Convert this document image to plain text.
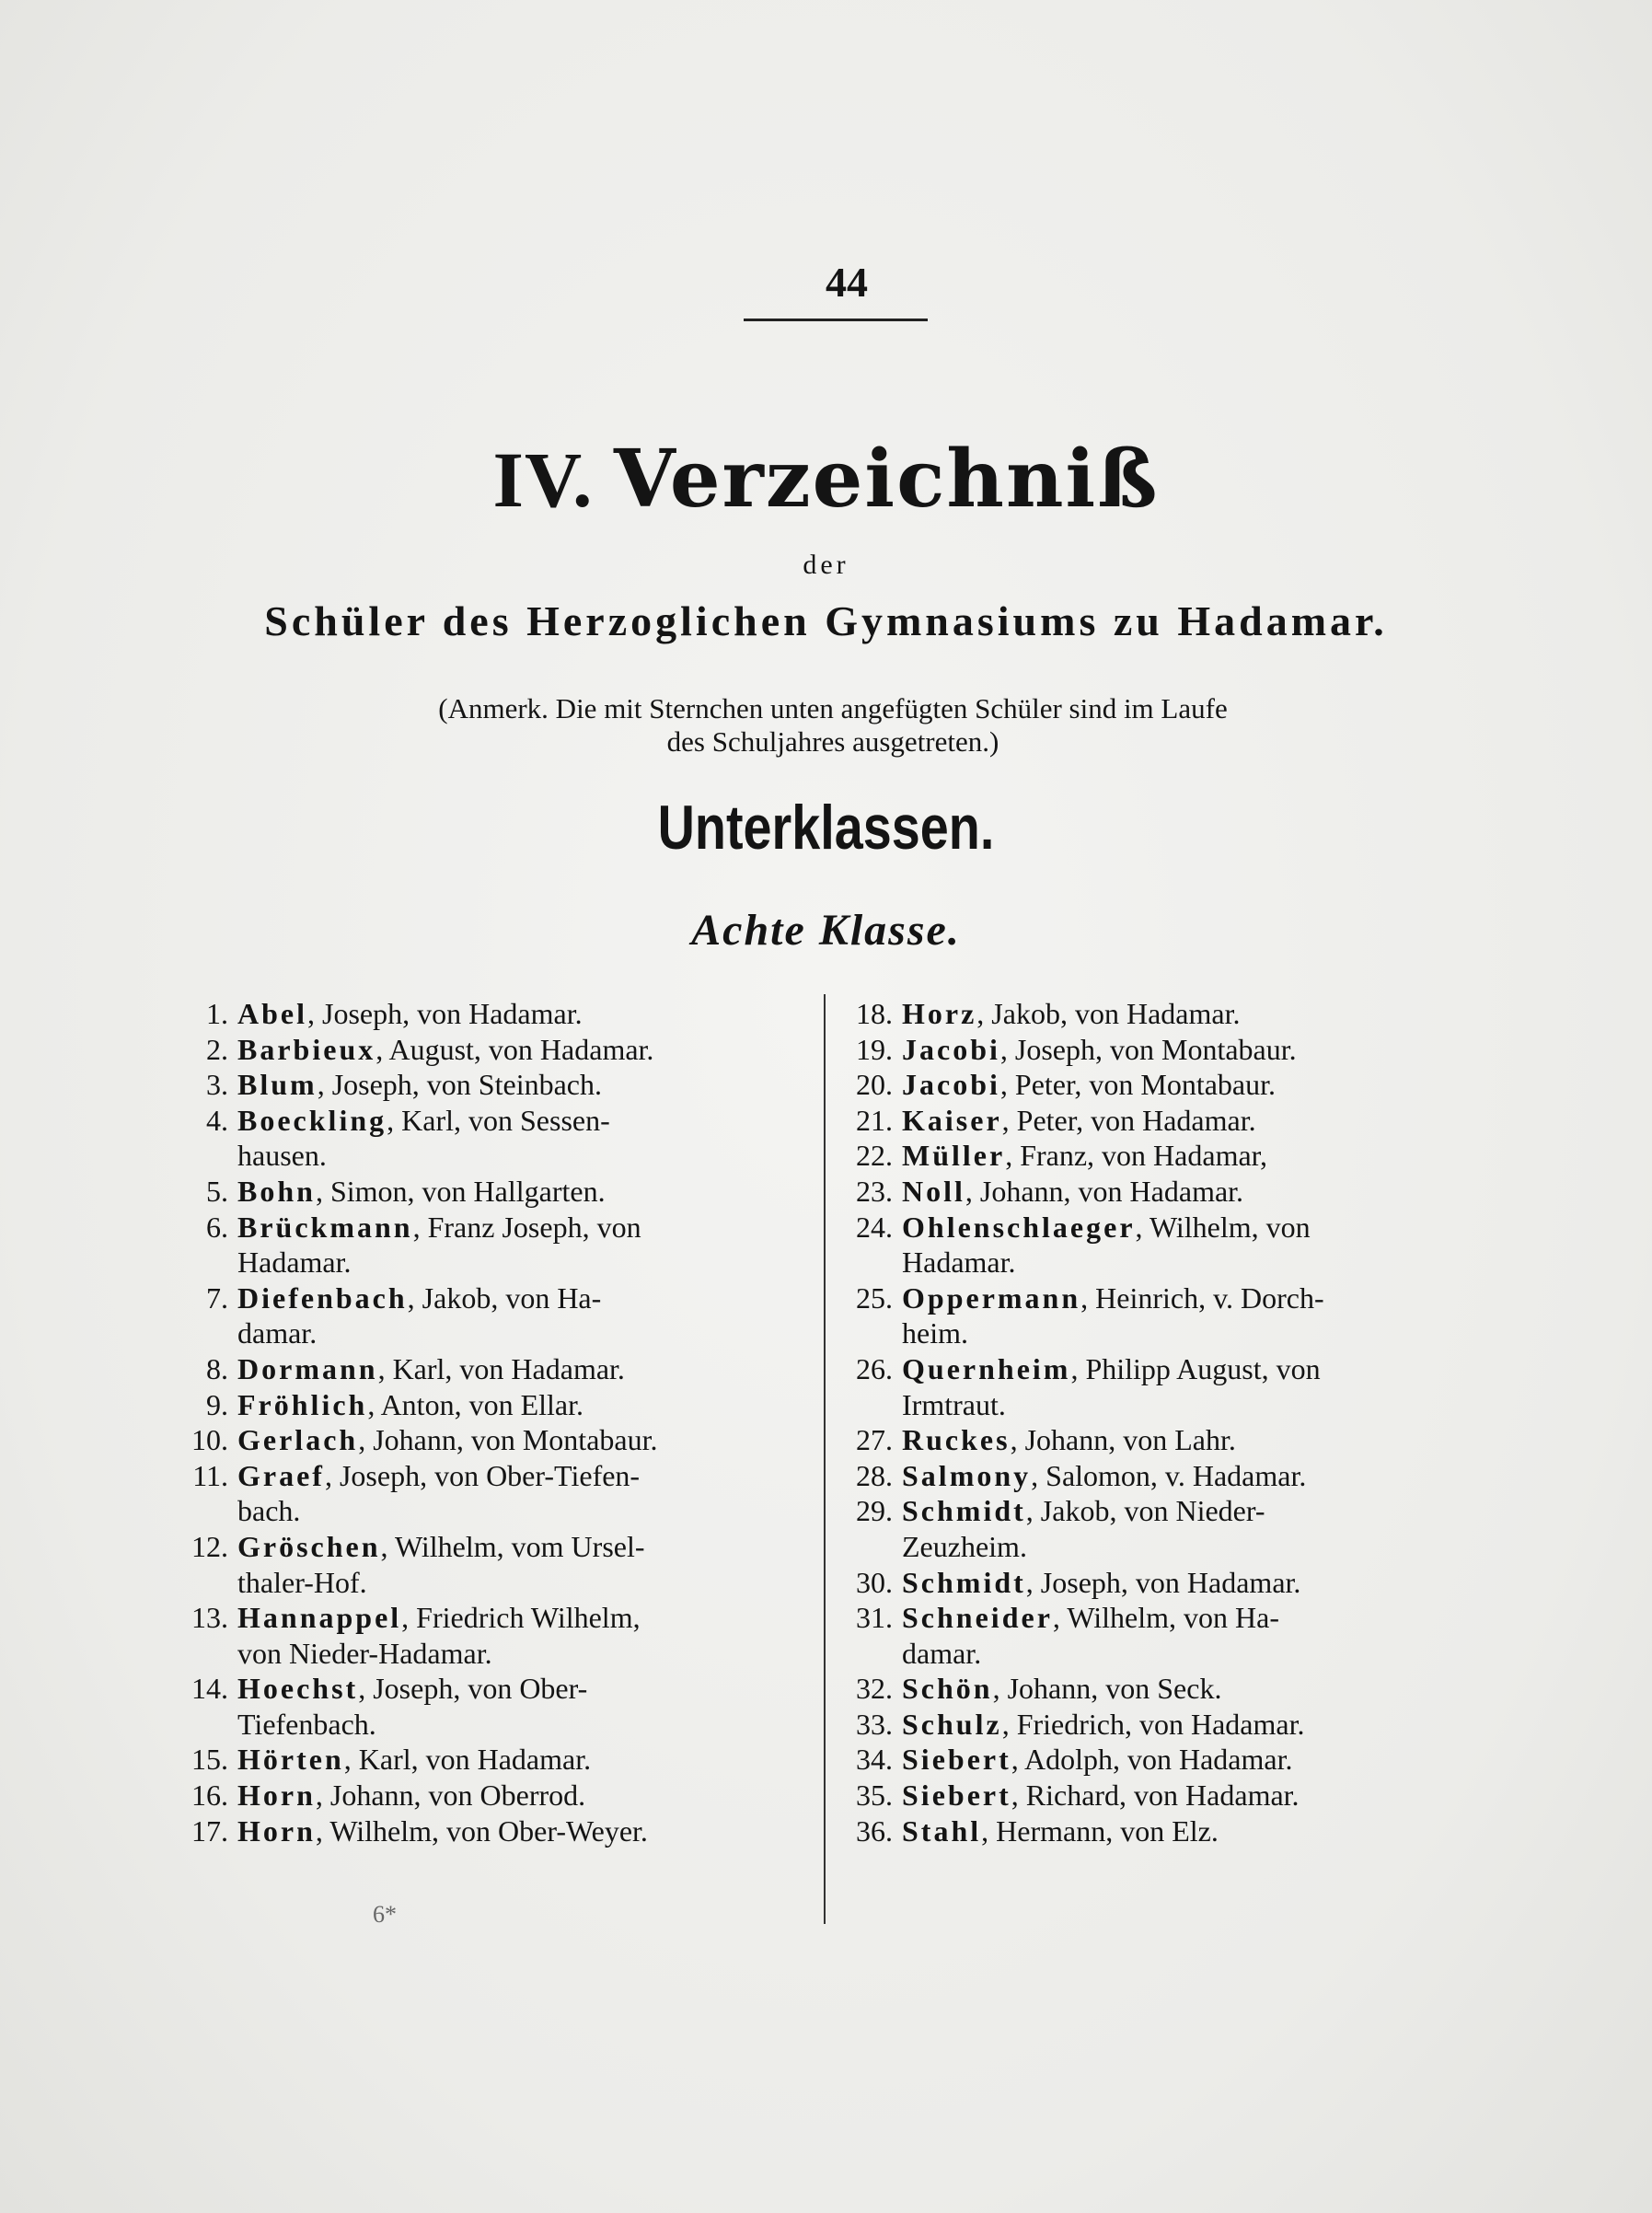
44
IV. Verzeichniß
der
Schüler des Herzoglichen Gymnasiums zu Hadamar.
(Anmerk. Die mit Sternchen unten angefügten Schüler sind im Laufe
des Schuljahres ausgetreten.)
Unterklassen.
Achte Klasse.
1. Abel, Joseph, von Hadamar.
2. Barbieux, August, von Hadamar.
3. Blum, Joseph, von Steinbach.
4. Boeckling, Karl, von Sessen-
hausen.
5. Bohn, Simon, von Hallgarten.
6. Brückmann, Franz Joseph, von
Hadamar.
7. Diefenbach, Jakob, von Ha-
damar.
8. Dormann, Karl, von Hadamar.
9. Fröhlich, Anton, von Ellar.
10. Gerlach, Johann, von Montabaur.
11. Graef, Joseph, von Ober-Tiefen-
bach.
12. Gröschen, Wilhelm, vom Ursel-
thaler-Hof.
13. Hannappel, Friedrich Wilhelm,
von Nieder-Hadamar.
14. Hoechst, Joseph, von Ober-
Tiefenbach.
15. Hörten, Karl, von Hadamar.
16. Horn, Johann, von Oberrod.
17. Horn, Wilhelm, von Ober-Weyer.
18. Horz, Jakob, von Hadamar.
19. Jacobi, Joseph, von Montabaur.
20. Jacobi, Peter, von Montabaur.
21. Kaiser, Peter, von Hadamar.
22. Müller, Franz, von Hadamar,
23. Noll, Johann, von Hadamar.
24. Ohlenschlaeger, Wilhelm, von
Hadamar.
25. Oppermann, Heinrich, v. Dorch-
heim.
26. Quernheim, Philipp August, von
Irmtraut.
27. Ruckes, Johann, von Lahr.
28. Salmony, Salomon, v. Hadamar.
29. Schmidt, Jakob, von Nieder-
Zeuzheim.
30. Schmidt, Joseph, von Hadamar.
31. Schneider, Wilhelm, von Ha-
damar.
32. Schön, Johann, von Seck.
33. Schulz, Friedrich, von Hadamar.
34. Siebert, Adolph, von Hadamar.
35. Siebert, Richard, von Hadamar.
36. Stahl, Hermann, von Elz.
6*
